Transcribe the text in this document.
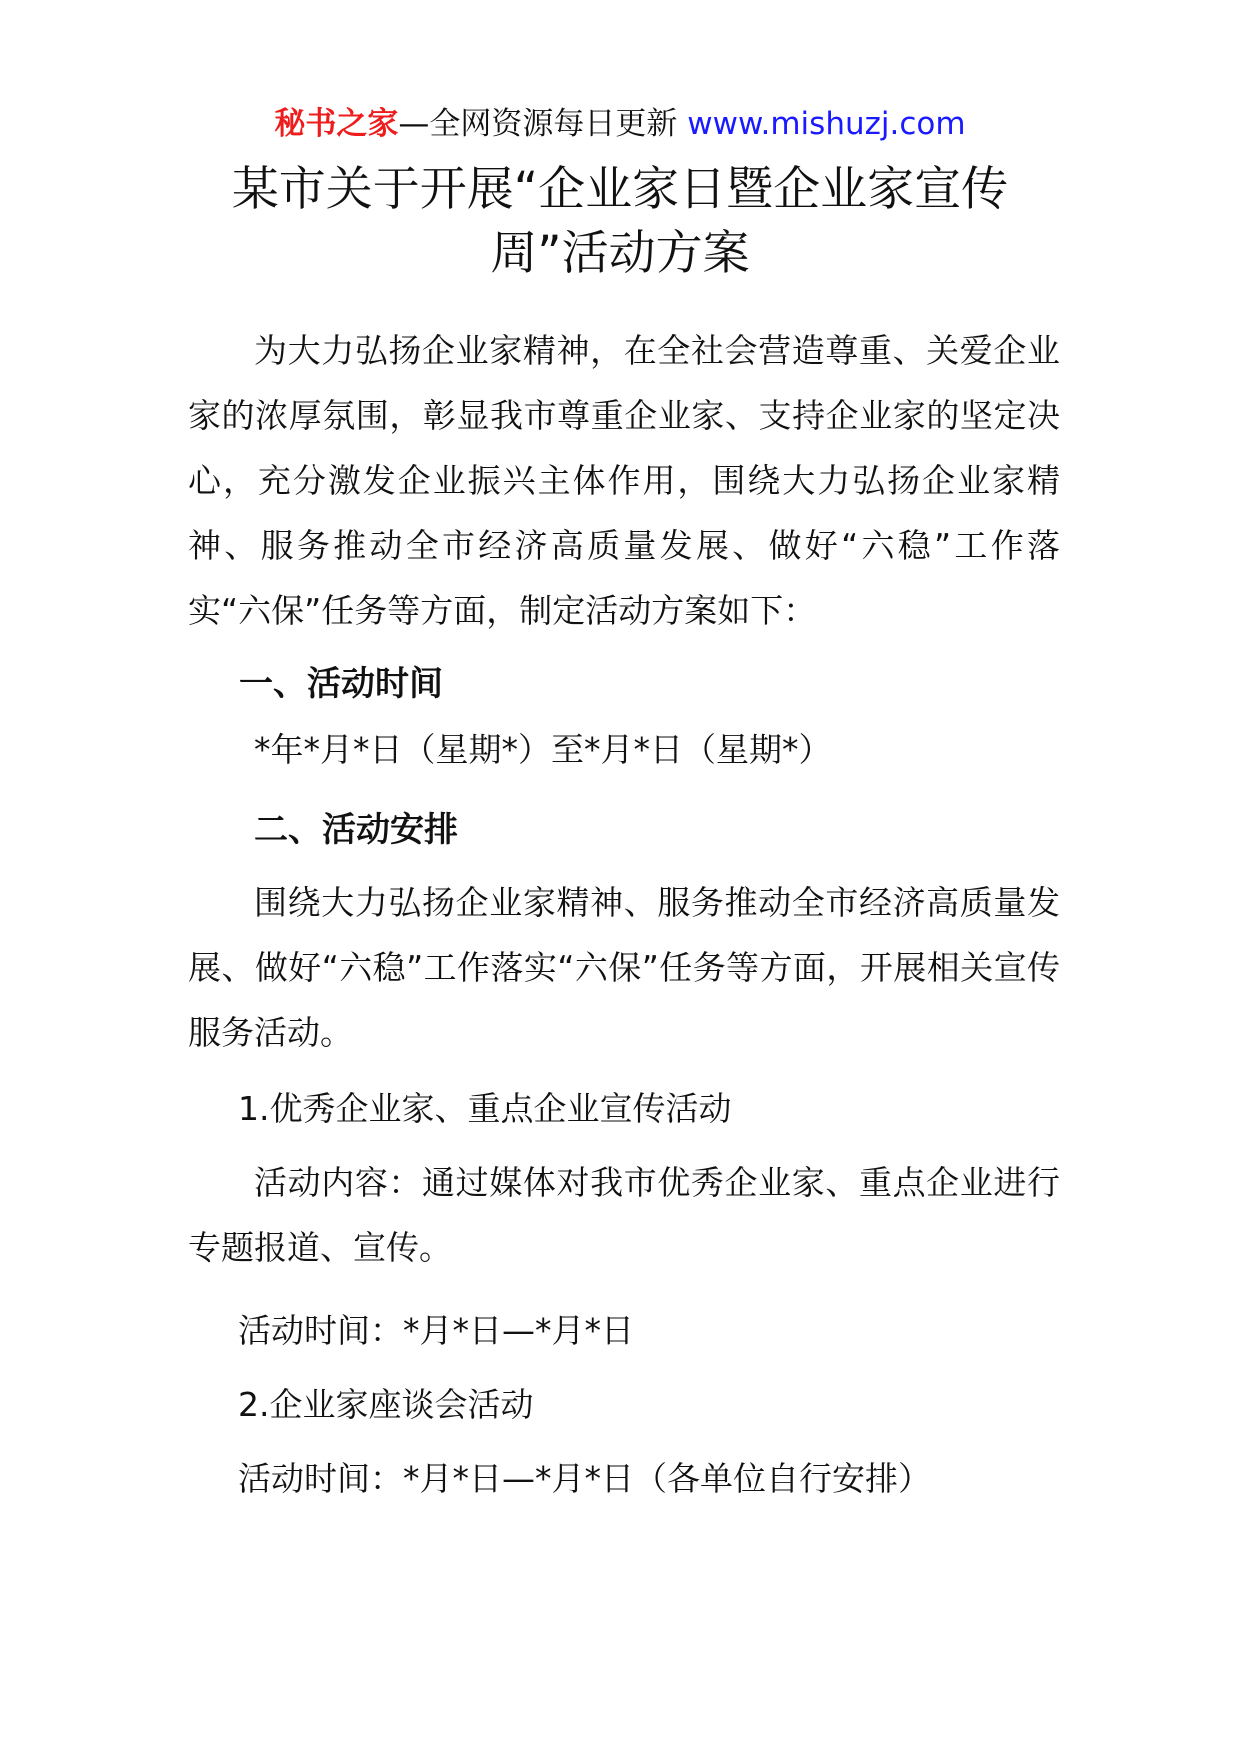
秘书之家—全网资源每日更新 www.mishuzj.com
某市关于开展“企业家日暨企业家宣传
周”活动方案

为大力弘扬企业家精神，在全社会营造尊重、关爱企业家的浓厚氛围，彰显我市尊重企业家、支持企业家的坚定决心，充分激发企业振兴主体作用，围绕大力弘扬企业家精神、服务推动全市经济高质量发展、做好“六稳”工作落实“六保”任务等方面，制定活动方案如下：

一、活动时间
*年*月*日（星期*）至*月*日（星期*）
二、活动安排

围绕大力弘扬企业家精神、服务推动全市经济高质量发展、做好“六稳”工作落实“六保”任务等方面，开展相关宣传服务活动。

1.优秀企业家、重点企业宣传活动

活动内容：通过媒体对我市优秀企业家、重点企业进行专题报道、宣传。

活动时间：*月*日—*月*日
2.企业家座谈会活动
活动时间：*月*日—*月*日（各单位自行安排）
